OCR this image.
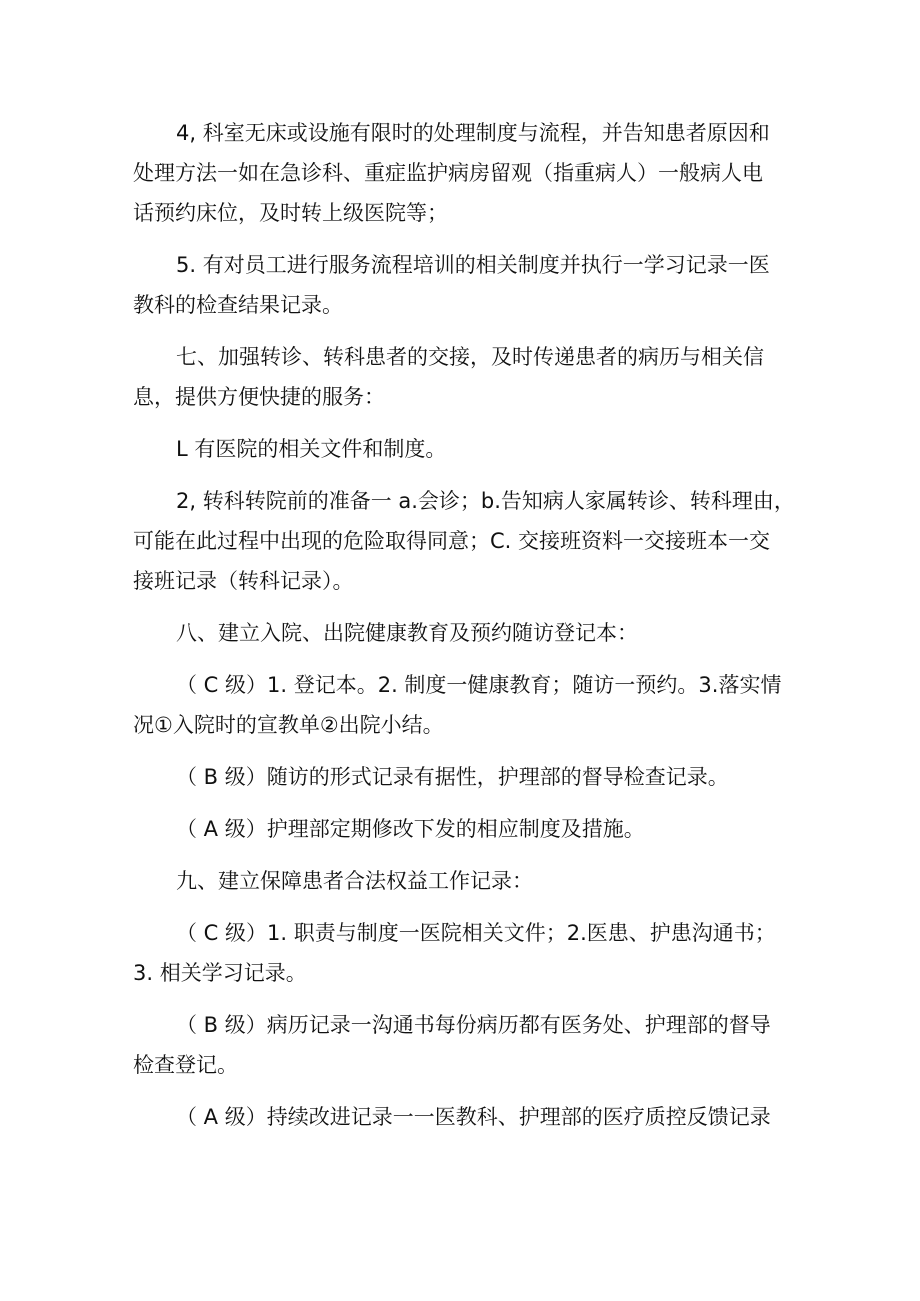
4, 科室无床或设施有限时的处理制度与流程，并告知患者原因和
处理方法一如在急诊科、重症监护病房留观（指重病人）一般病人电
话预约床位，及时转上级医院等；

5. 有对员工进行服务流程培训的相关制度并执行一学习记录一医
教科的检查结果记录。

七、加强转诊、转科患者的交接，及时传递患者的病历与相关信
息，提供方便快捷的服务：

L 有医院的相关文件和制度。

2, 转科转院前的准备一 a.会诊；b.告知病人家属转诊、转科理由，
可能在此过程中出现的危险取得同意；C. 交接班资料一交接班本一交
接班记录（转科记录）。

八、建立入院、出院健康教育及预约随访登记本：

（ C 级）1. 登记本。2. 制度一健康教育；随访一预约。3.落实情
况①入院时的宣教单②出院小结。

（ B 级）随访的形式记录有据性，护理部的督导检查记录。

（ A 级）护理部定期修改下发的相应制度及措施。

九、建立保障患者合法权益工作记录：

（ C 级）1. 职责与制度一医院相关文件；2.医患、护患沟通书；
3. 相关学习记录。

（ B 级）病历记录一沟通书每份病历都有医务处、护理部的督导
检查登记。

（ A 级）持续改进记录一一医教科、护理部的医疗质控反馈记录
